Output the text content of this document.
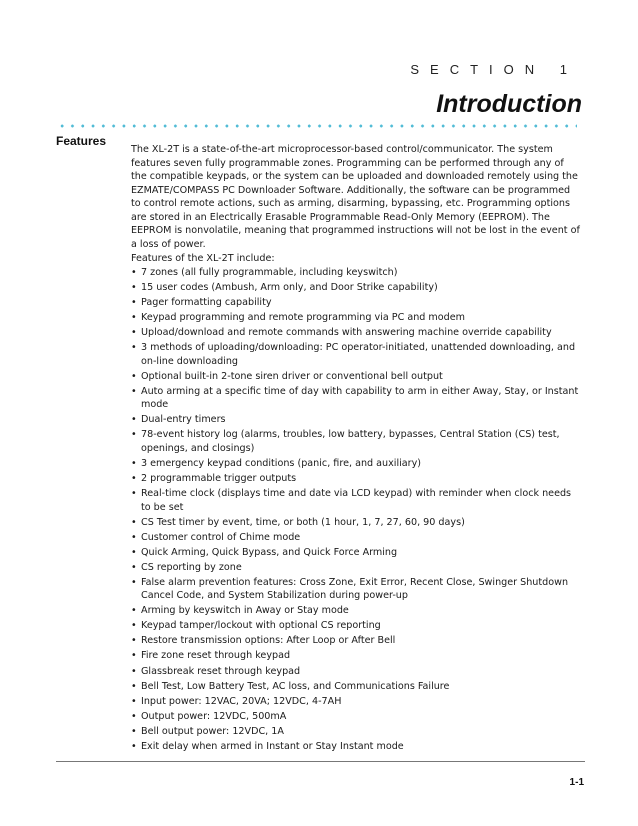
SECTION 1
Introduction
Features

The XL-2T is a state-of-the-art microprocessor-based control/communicator. The system features seven fully programmable zones. Programming can be performed through any of the compatible keypads, or the system can be uploaded and downloaded remotely using the EZMATE/COMPASS PC Downloader Software. Additionally, the software can be programmed to control remote actions, such as arming, disarming, bypassing, etc. Programming options are stored in an Electrically Erasable Programmable Read-Only Memory (EEPROM). The EEPROM is nonvolatile, meaning that programmed instructions will not be lost in the event of a loss of power.

Features of the XL-2T include:

• 7 zones (all fully programmable, including keyswitch)
• 15 user codes (Ambush, Arm only, and Door Strike capability)
• Pager formatting capability
• Keypad programming and remote programming via PC and modem
• Upload/download and remote commands with answering machine override capability
• 3 methods of uploading/downloading: PC operator-initiated, unattended downloading, and on-line downloading
• Optional built-in 2-tone siren driver or conventional bell output
• Auto arming at a specific time of day with capability to arm in either Away, Stay, or Instant mode
• Dual-entry timers
• 78-event history log (alarms, troubles, low battery, bypasses, Central Station (CS) test, openings, and closings)
• 3 emergency keypad conditions (panic, fire, and auxiliary)
• 2 programmable trigger outputs
• Real-time clock (displays time and date via LCD keypad) with reminder when clock needs to be set
• CS Test timer by event, time, or both (1 hour, 1, 7, 27, 60, 90 days)
• Customer control of Chime mode
• Quick Arming, Quick Bypass, and Quick Force Arming
• CS reporting by zone
• False alarm prevention features: Cross Zone, Exit Error, Recent Close, Swinger Shutdown Cancel Code, and System Stabilization during power-up
• Arming by keyswitch in Away or Stay mode
• Keypad tamper/lockout with optional CS reporting
• Restore transmission options: After Loop or After Bell
• Fire zone reset through keypad
• Glassbreak reset through keypad
• Bell Test, Low Battery Test, AC loss, and Communications Failure
• Input power: 12VAC, 20VA; 12VDC, 4-7AH
• Output power: 12VDC, 500mA
• Bell output power: 12VDC, 1A
• Exit delay when armed in Instant or Stay Instant mode
1-1
